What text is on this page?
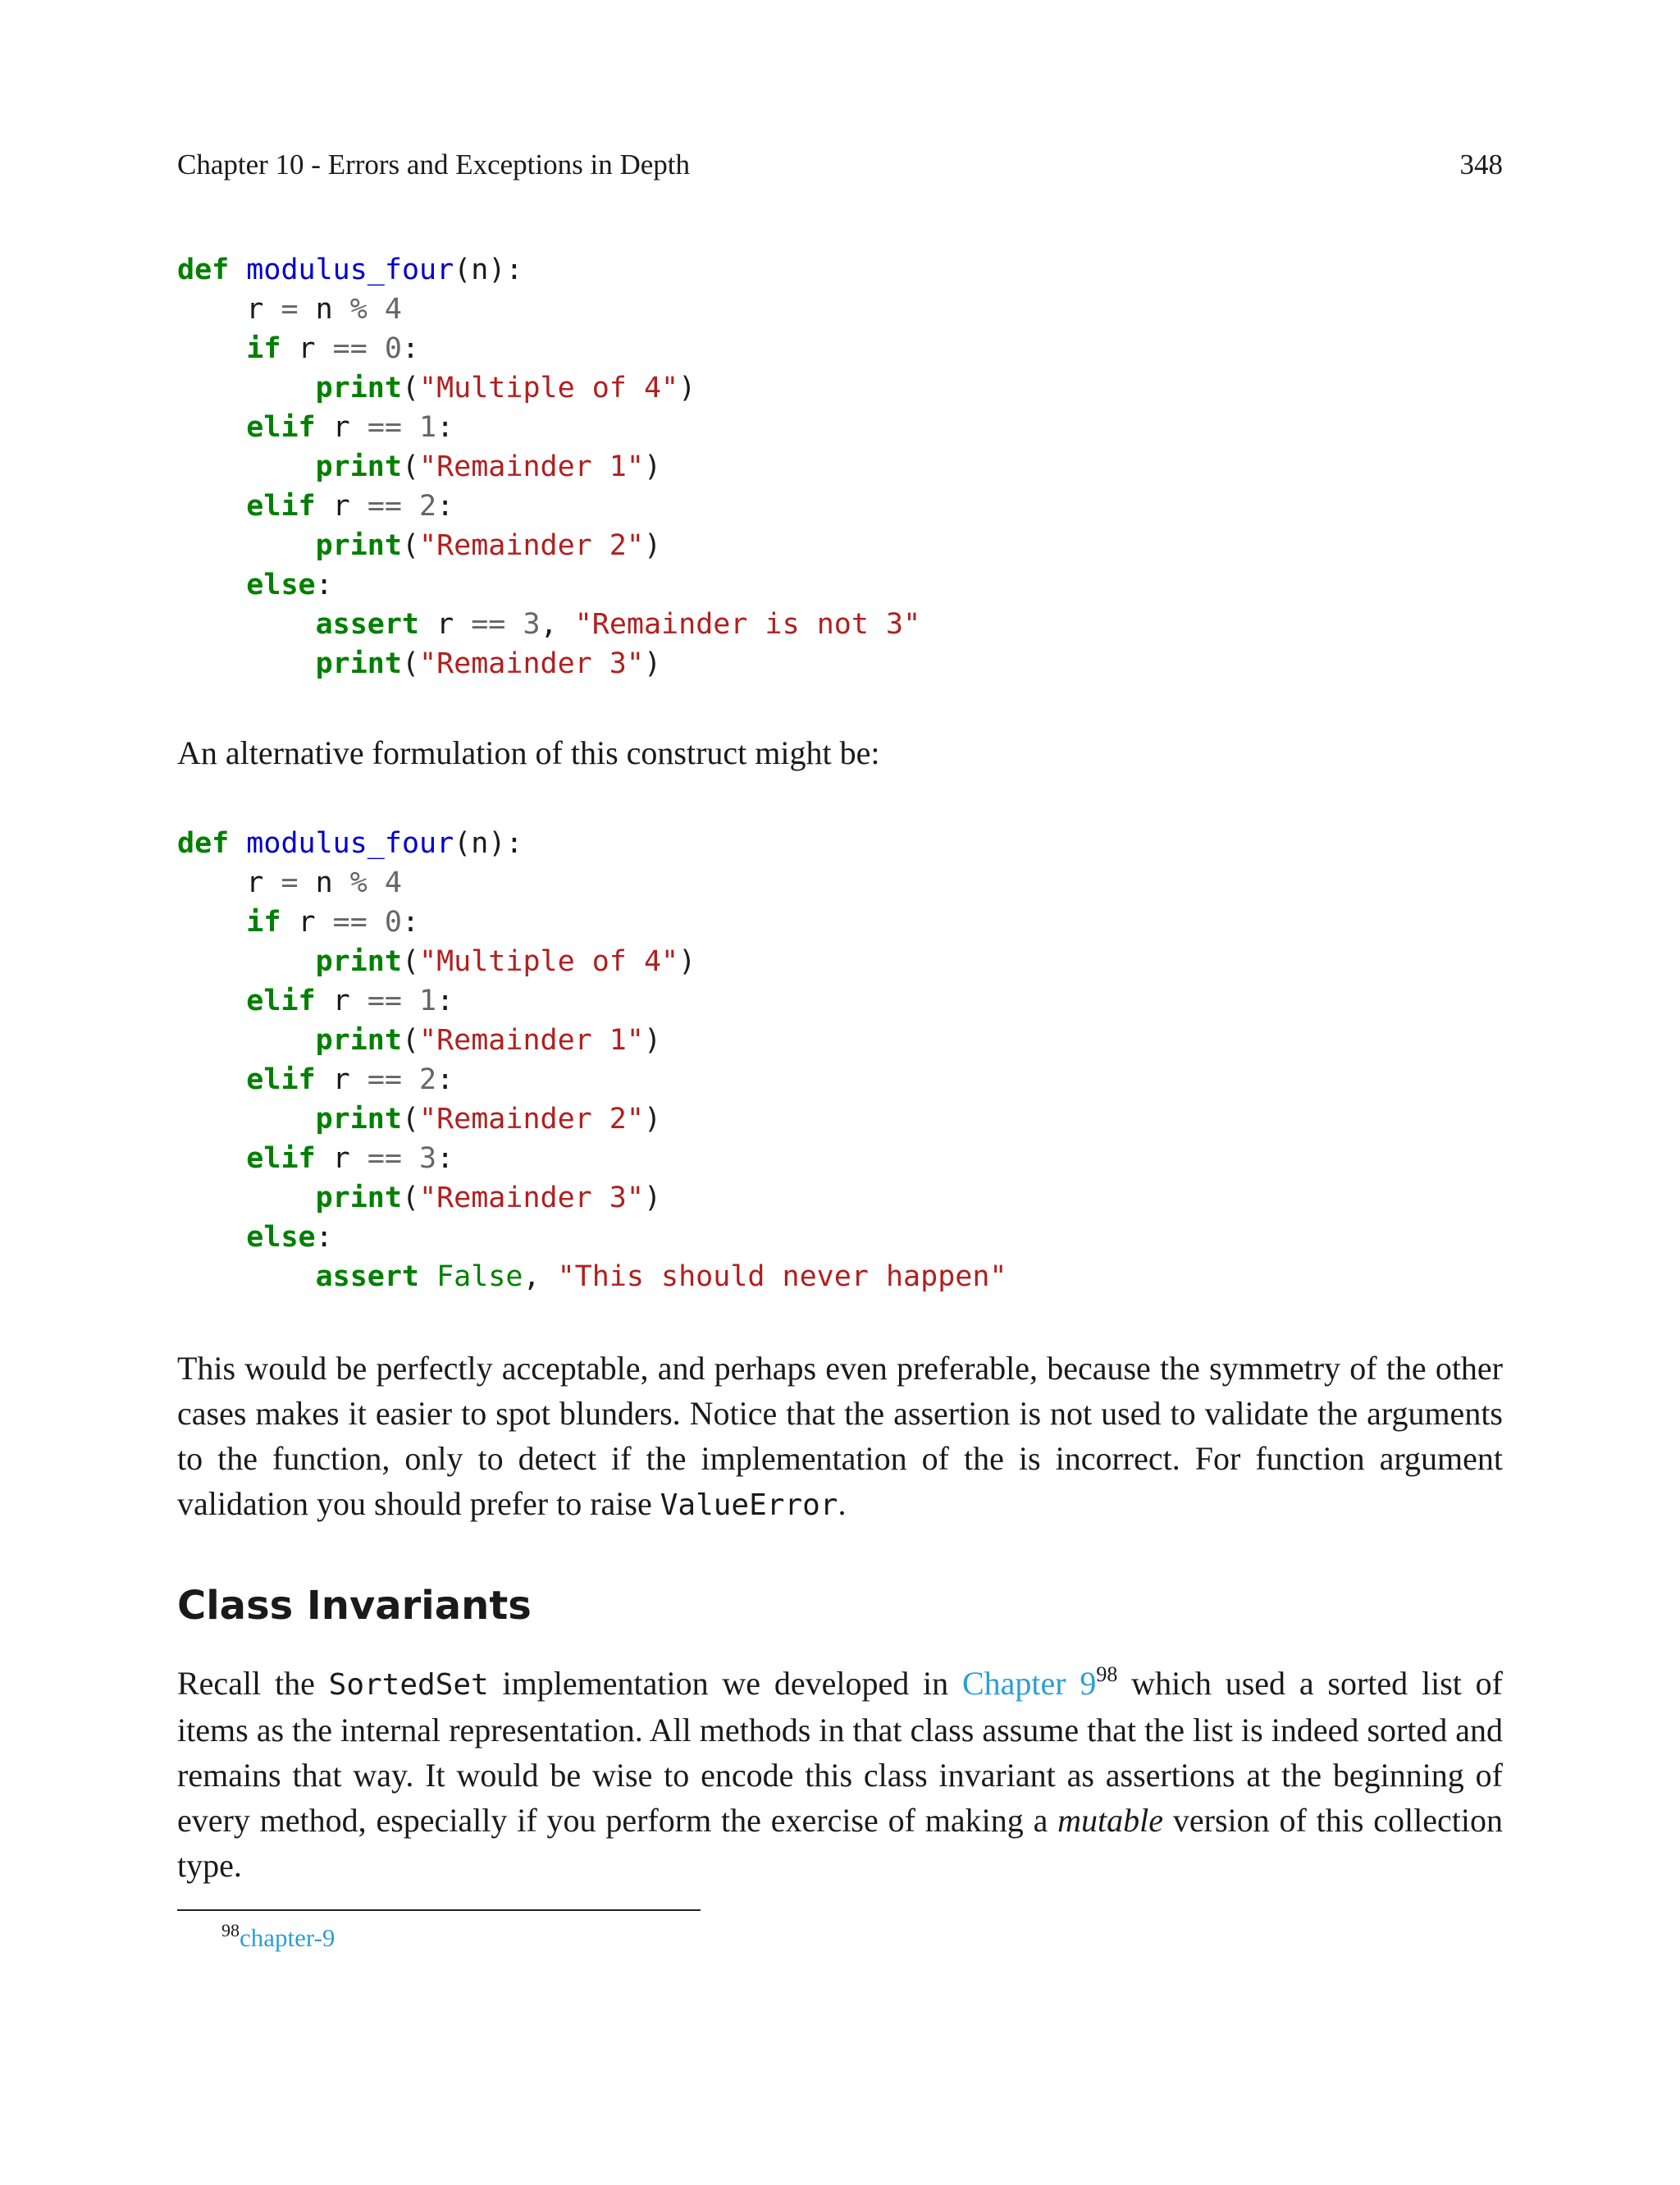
Chapter 10 - Errors and Exceptions in Depth	348
def modulus_four(n):
r = n % 4
if r == 0:
print("Multiple of 4")
elif r == 1:
print("Remainder 1")
elif r == 2:
print("Remainder 2")
else:
assert r == 3, "Remainder is not 3"
print("Remainder 3")

An alternative formulation of this construct might be:

def modulus_four(n):
r = n % 4
if r == 0:
print("Multiple of 4")
elif r == 1:
print("Remainder 1")
elif r == 2:
print("Remainder 2")
elif r == 3:
print("Remainder 3")
else:
assert False, "This should never happen"

This would be perfectly acceptable, and perhaps even preferable, because the symmetry of the other cases makes it easier to spot blunders. Notice that the assertion is not used to validate the arguments to the function, only to detect if the implementation of the is incorrect. For function argument validation you should prefer to raise ValueError.

Class Invariants

Recall the SortedSet implementation we developed in Chapter $9^{98}$ which used a sorted list of items as the internal representation. All methods in that class assume that the list is indeed sorted and remains that way. It would be wise to encode this class invariant as assertions at the beginning of every method, especially if you perform the exercise of making a mutable version of this collection type.

$^{98}$chapter-9
